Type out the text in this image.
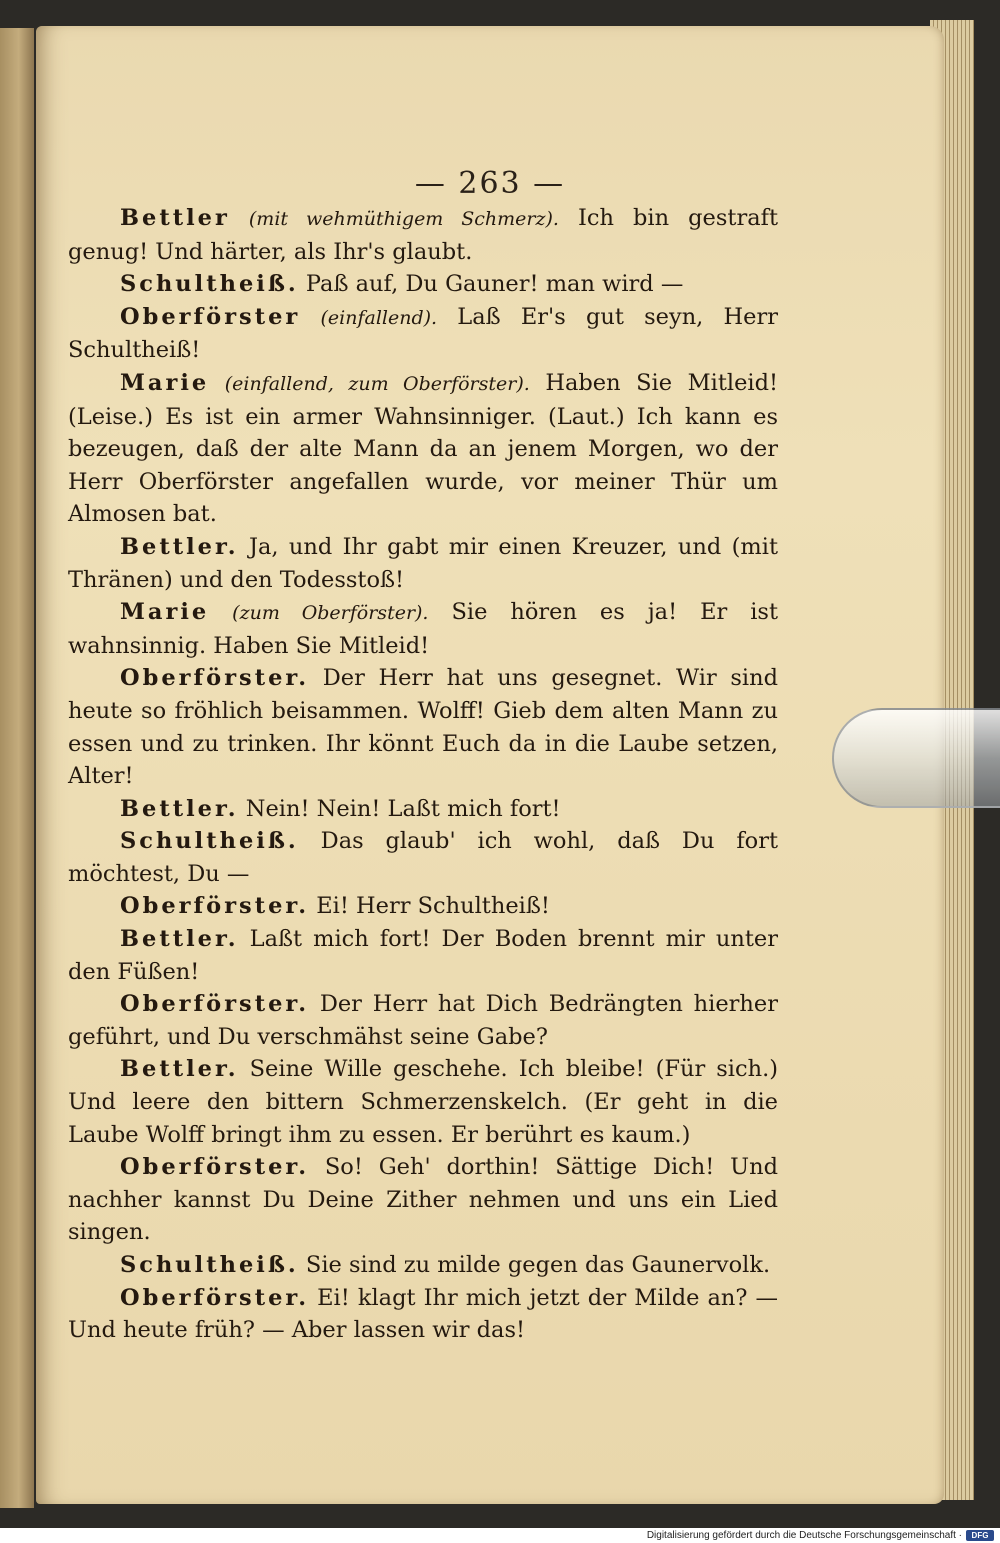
— 263 —

Bettler (mit wehmüthigem Schmerz). Ich bin gestraft genug! Und härter, als Ihr's glaubt.

Schultheiß. Paß auf, Du Gauner! man wird —

Oberförster (einfallend). Laß Er's gut seyn, Herr Schultheiß!

Marie (einfallend, zum Oberförster). Haben Sie Mitleid! (Leise.) Es ist ein armer Wahnsinniger. (Laut.) Ich kann es bezeugen, daß der alte Mann da an jenem Morgen, wo der Herr Oberförster angefallen wurde, vor meiner Thür um Almosen bat.

Bettler. Ja, und Ihr gabt mir einen Kreuzer, und (mit Thränen) und den Todesstoß!

Marie (zum Oberförster). Sie hören es ja! Er ist wahnsinnig. Haben Sie Mitleid!

Oberförster. Der Herr hat uns gesegnet. Wir sind heute so fröhlich beisammen. Wolff! Gieb dem alten Mann zu essen und zu trinken. Ihr könnt Euch da in die Laube setzen, Alter!

Bettler. Nein! Nein! Laßt mich fort!

Schultheiß. Das glaub' ich wohl, daß Du fort möchtest, Du —

Oberförster. Ei! Herr Schultheiß!

Bettler. Laßt mich fort! Der Boden brennt mir unter den Füßen!

Oberförster. Der Herr hat Dich Bedrängten hierher geführt, und Du verschmähst seine Gabe?

Bettler. Seine Wille geschehe. Ich bleibe! (Für sich.) Und leere den bittern Schmerzenskelch. (Er geht in die Laube Wolff bringt ihm zu essen. Er berührt es kaum.)

Oberförster. So! Geh' dorthin! Sättige Dich! Und nachher kannst Du Deine Zither nehmen und uns ein Lied singen.

Schultheiß. Sie sind zu milde gegen das Gaunervolk.

Oberförster. Ei! klagt Ihr mich jetzt der Milde an? — Und heute früh? — Aber lassen wir das!

Digitalisierung gefördert durch die Deutsche Forschungsgemeinschaft ·	DFG
